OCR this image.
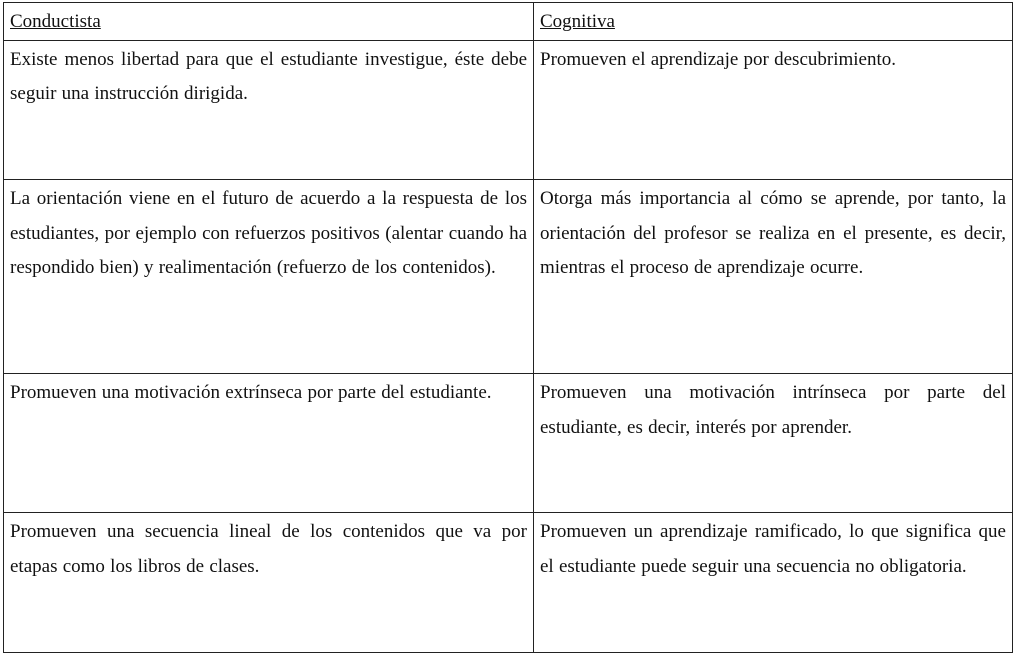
Conductista	Cognitiva

Existe menos libertad para que el estudiante investigue, éste debe seguir una instrucción dirigida.	Promueven el aprendizaje por descubrimiento.

La orientación viene en el futuro de acuerdo a la respuesta de los estudiantes, por ejemplo con refuerzos positivos (alentar cuando ha respondido bien) y realimentación (refuerzo de los contenidos).	Otorga más importancia al cómo se aprende, por tanto, la orientación del profesor se realiza en el presente, es decir, mientras el proceso de aprendizaje ocurre.

Promueven una motivación extrínseca por parte del estudiante.	Promueven una motivación intrínseca por parte del estudiante, es decir, interés por aprender.

Promueven una secuencia lineal de los contenidos que va por etapas como los libros de clases.	Promueven un aprendizaje ramificado, lo que significa que el estudiante puede seguir una secuencia no obligatoria.
